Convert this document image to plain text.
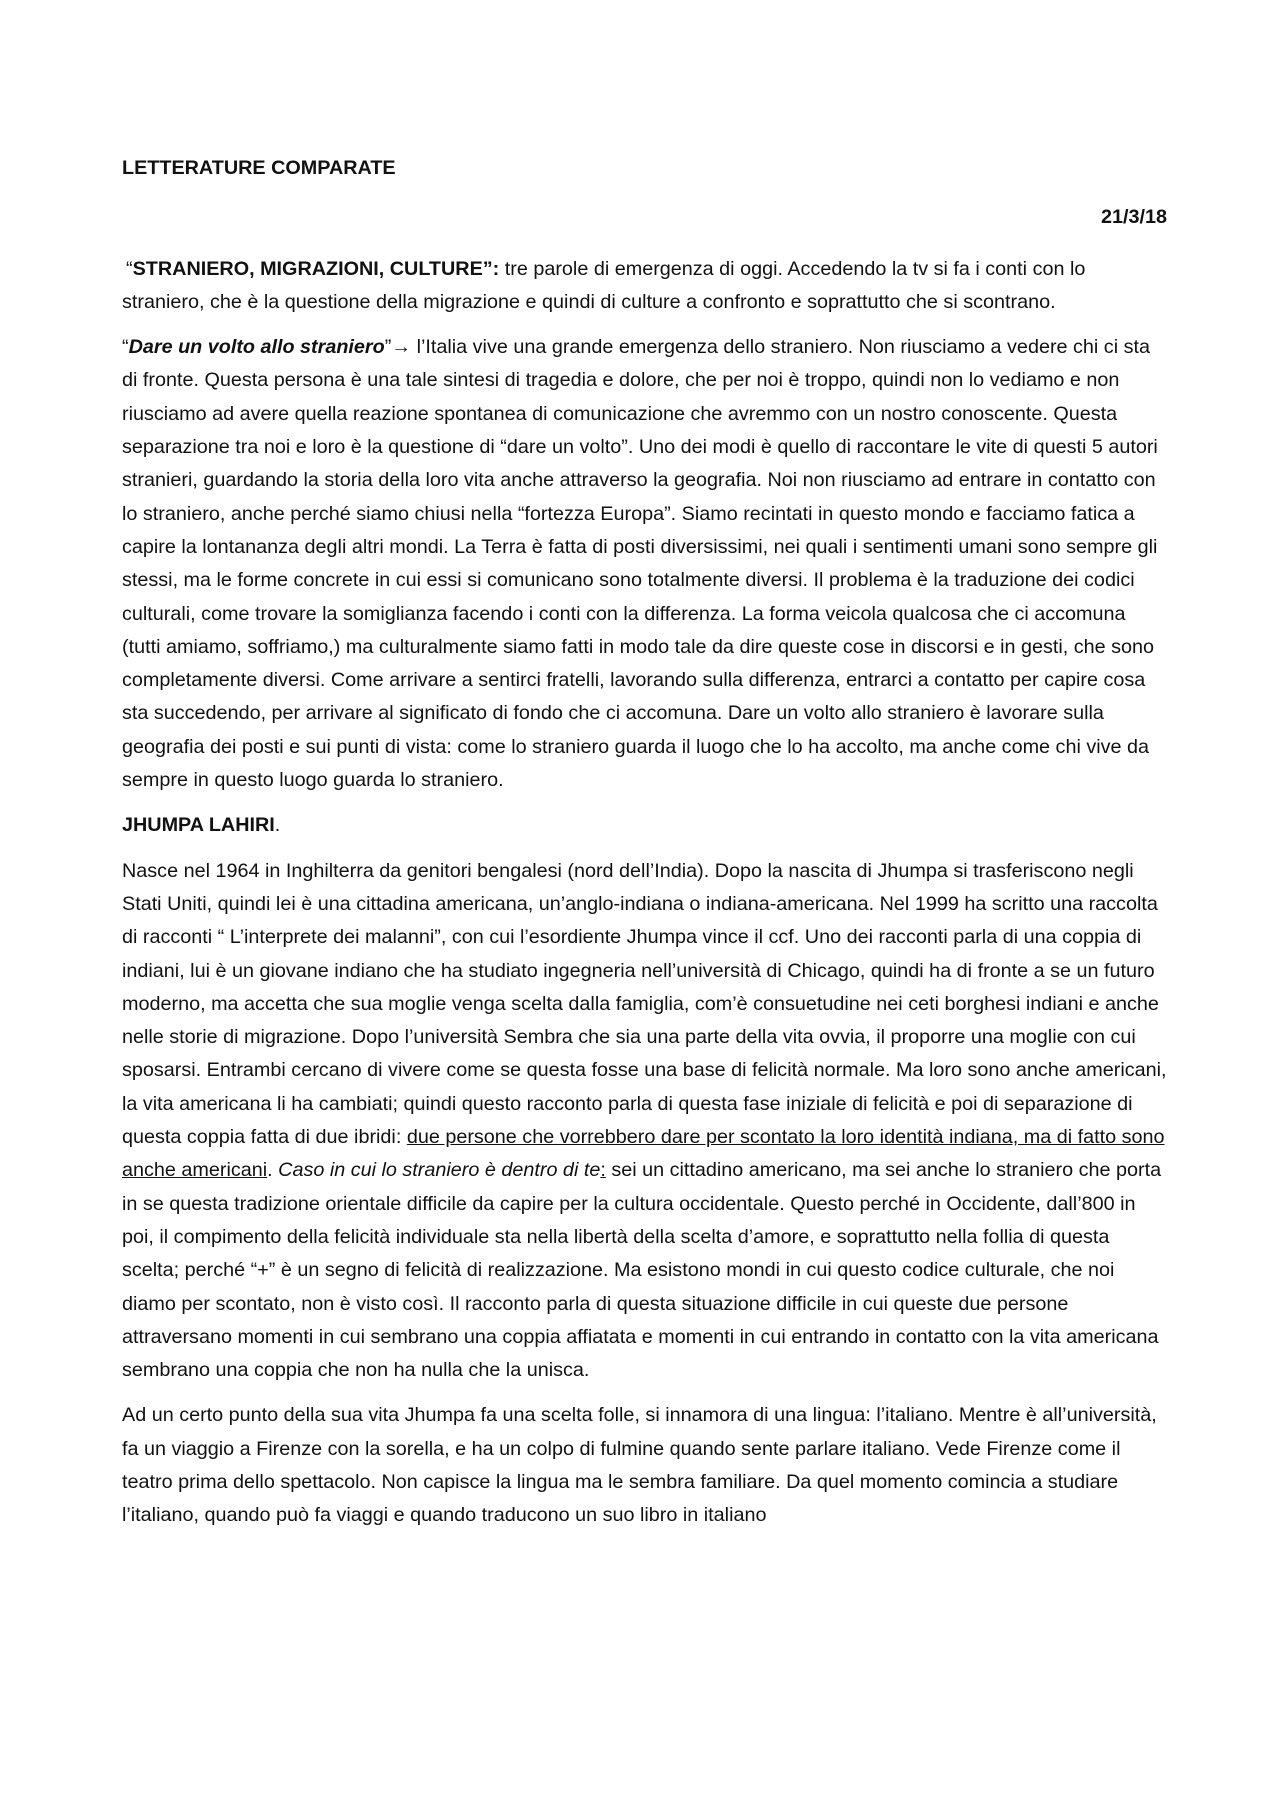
LETTERATURE COMPARATE
21/3/18

“STRANIERO, MIGRAZIONI, CULTURE”: tre parole di emergenza di oggi. Accedendo la tv si fa i conti con lo straniero, che è la questione della migrazione e quindi di culture a confronto e soprattutto che si scontrano.

“Dare un volto allo straniero”→ l’Italia vive una grande emergenza dello straniero. Non riusciamo a vedere chi ci sta di fronte. Questa persona è una tale sintesi di tragedia e dolore, che per noi è troppo, quindi non lo vediamo e non riusciamo ad avere quella reazione spontanea di comunicazione che avremmo con un nostro conoscente. Questa separazione tra noi e loro è la questione di “dare un volto”. Uno dei modi è quello di raccontare le vite di questi 5 autori stranieri, guardando la storia della loro vita anche attraverso la geografia. Noi non riusciamo ad entrare in contatto con lo straniero, anche perché siamo chiusi nella “fortezza Europa”. Siamo recintati in questo mondo e facciamo fatica a capire la lontananza degli altri mondi. La Terra è fatta di posti diversissimi, nei quali i sentimenti umani sono sempre gli stessi, ma le forme concrete in cui essi si comunicano sono totalmente diversi. Il problema è la traduzione dei codici culturali, come trovare la somiglianza facendo i conti con la differenza. La forma veicola qualcosa che ci accomuna (tutti amiamo, soffriamo,) ma culturalmente siamo fatti in modo tale da dire queste cose in discorsi e in gesti, che sono completamente diversi. Come arrivare a sentirci fratelli, lavorando sulla differenza, entrarci a contatto per capire cosa sta succedendo, per arrivare al significato di fondo che ci accomuna. Dare un volto allo straniero è lavorare sulla geografia dei posti e sui punti di vista: come lo straniero guarda il luogo che lo ha accolto, ma anche come chi vive da sempre in questo luogo guarda lo straniero.

JHUMPA LAHIRI.

Nasce nel 1964 in Inghilterra da genitori bengalesi (nord dell’India). Dopo la nascita di Jhumpa si trasferiscono negli Stati Uniti, quindi lei è una cittadina americana, un’anglo-indiana o indiana-americana. Nel 1999 ha scritto una raccolta di racconti “ L’interprete dei malanni”, con cui l’esordiente Jhumpa vince il ccf. Uno dei racconti parla di una coppia di indiani, lui è un giovane indiano che ha studiato ingegneria nell’università di Chicago, quindi ha di fronte a se un futuro moderno, ma accetta che sua moglie venga scelta dalla famiglia, com’è consuetudine nei ceti borghesi indiani e anche nelle storie di migrazione. Dopo l’università Sembra che sia una parte della vita ovvia, il proporre una moglie con cui sposarsi. Entrambi cercano di vivere come se questa fosse una base di felicità normale. Ma loro sono anche americani, la vita americana li ha cambiati; quindi questo racconto parla di questa fase iniziale di felicità e poi di separazione di questa coppia fatta di due ibridi: due persone che vorrebbero dare per scontato la loro identità indiana, ma di fatto sono anche americani. Caso in cui lo straniero è dentro di te: sei un cittadino americano, ma sei anche lo straniero che porta in se questa tradizione orientale difficile da capire per la cultura occidentale. Questo perché in Occidente, dall’800 in poi, il compimento della felicità individuale sta nella libertà della scelta d’amore, e soprattutto nella follia di questa scelta; perché “+” è un segno di felicità di realizzazione. Ma esistono mondi in cui questo codice culturale, che noi diamo per scontato, non è visto così. Il racconto parla di questa situazione difficile in cui queste due persone attraversano momenti in cui sembrano una coppia affiatata e momenti in cui entrando in contatto con la vita americana sembrano una coppia che non ha nulla che la unisca.

Ad un certo punto della sua vita Jhumpa fa una scelta folle, si innamora di una lingua: l’italiano. Mentre è all’università, fa un viaggio a Firenze con la sorella, e ha un colpo di fulmine quando sente parlare italiano. Vede Firenze come il teatro prima dello spettacolo. Non capisce la lingua ma le sembra familiare. Da quel momento comincia a studiare l’italiano, quando può fa viaggi e quando traducono un suo libro in italiano
